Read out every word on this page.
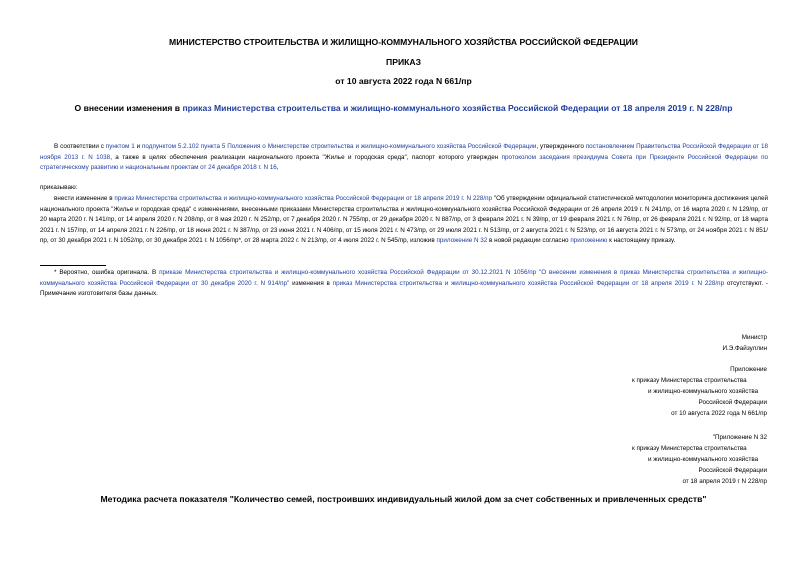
МИНИСТЕРСТВО СТРОИТЕЛЬСТВА И ЖИЛИЩНО-КОММУНАЛЬНОГО ХОЗЯЙСТВА РОССИЙСКОЙ ФЕДЕРАЦИИ
ПРИКАЗ
от 10 августа 2022 года N 661/пр
О внесении изменения в приказ Министерства строительства и жилищно-коммунального хозяйства Российской Федерации от 18 апреля 2019 г. N 228/пр
В соответствии с пунктом 1 и подпунктом 5.2.102 пункта 5 Положения о Министерстве строительства и жилищно-коммунального хозяйства Российской Федерации, утвержденного постановлением Правительства Российской Федерации от 18 ноября 2013 г. N 1038, а также в целях обеспечения реализации национального проекта "Жилье и городская среда", паспорт которого утвержден протоколом заседания президиума Совета при Президенте Российской Федерации по стратегическому развитию и национальным проектам от 24 декабря 2018 г. N 16,
приказываю:
внести изменение в приказ Министерства строительства и жилищно-коммунального хозяйства Российской Федерации от 18 апреля 2019 г. N 228/пр "Об утверждении официальной статистической методологии мониторинга достижения целей национального проекта "Жилье и городская среда" с изменениями, внесенными приказами Министерства строительства и жилищно-коммунального хозяйства Российской Федерации от 26 апреля 2019 г. N 241/пр, от 16 марта 2020 г. N 129/пр, от 20 марта 2020 г. N 141/пр, от 14 апреля 2020 г. N 208/пр, от 8 мая 2020 г. N 252/пр, от 7 декабря 2020 г. N 755/пр, от 29 декабря 2020 г. N 887/пр, от 3 февраля 2021 г. N 39/пр, от 19 февраля 2021 г. N 76/пр, от 26 февраля 2021 г. N 92/пр, от 18 марта 2021 г. N 157/пр, от 14 апреля 2021 г. N 226/пр, от 18 июня 2021 г. N 387/пр, от 23 июня 2021 г. N 406/пр, от 15 июля 2021 г. N 473/пр, от 29 июля 2021 г. N 513/пр, от 2 августа 2021 г. N 523/пр, от 16 августа 2021 г. N 573/пр, от 24 ноября 2021 г. N 851/пр, от 30 декабря 2021 г. N 1052/пр, от 30 декабря 2021 г. N 1056/пр*, от 28 марта 2022 г. N 213/пр, от 4 июля 2022 г. N 545/пр, изложив приложение N 32 в новой редакции согласно приложению к настоящему приказу.
* Вероятно, ошибка оригинала. В приказе Министерства строительства и жилищно-коммунального хозяйства Российской Федерации от 30.12.2021 N 1056/пр "О внесении изменения в приказ Министерства строительства и жилищно-коммунального хозяйства Российской Федерации от 30 декабря 2020 г. N 914/пр" изменения в приказ Министерства строительства и жилищно-коммунального хозяйства Российской Федерации от 18 апреля 2019 г. N 228/пр отсутствуют. - Примечание изготовителя базы данных.
Министр
И.Э.Файзуллин
Приложение
к приказу Министерства строительства
и жилищно-коммунального хозяйства
Российской Федерации
от 10 августа 2022 года N 661/пр
"Приложение N 32
к приказу Министерства строительства
и жилищно-коммунального хозяйства
Российской Федерации
от 18 апреля 2019 г N 228/пр
Методика расчета показателя "Количество семей, построивших индивидуальный жилой дом за счет собственных и привлеченных средств"
